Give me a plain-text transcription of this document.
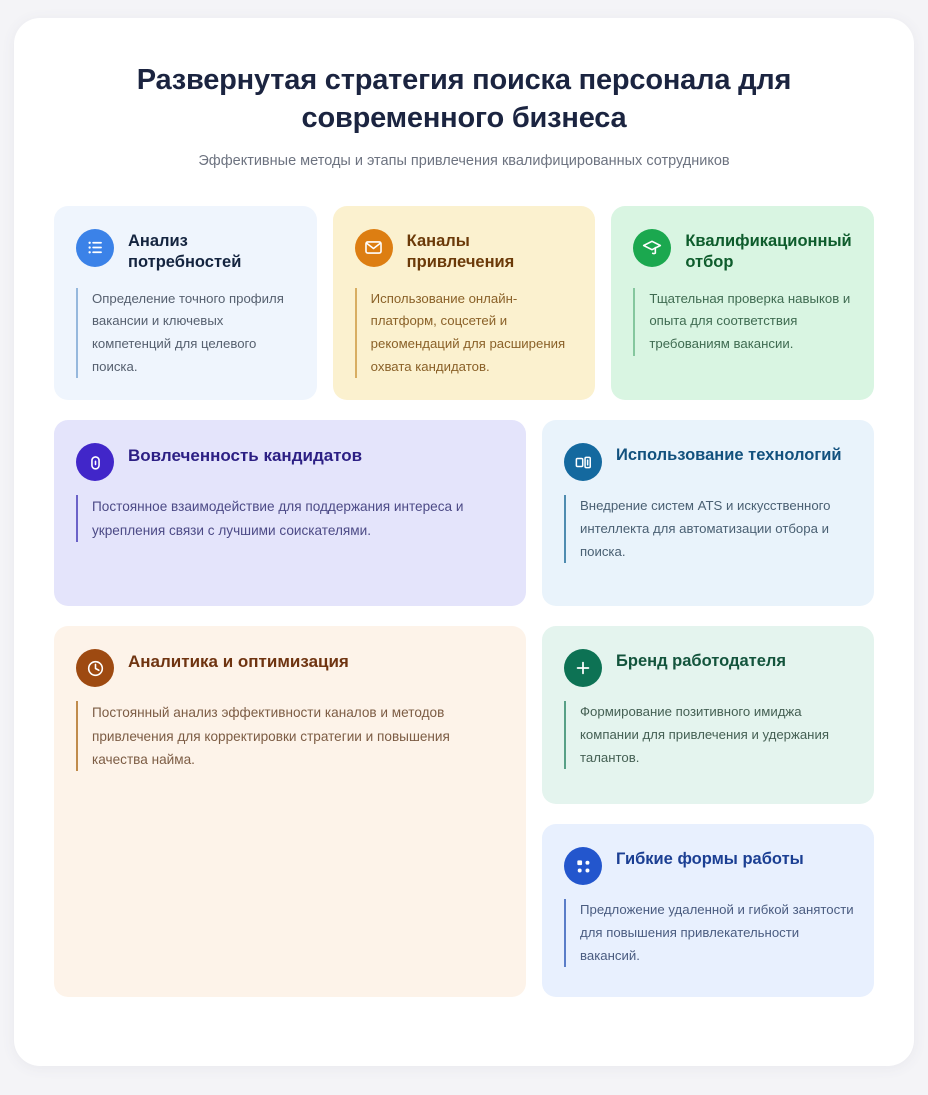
Развернутая стратегия поиска персонала для современного бизнеса

Эффективные методы и этапы привлечения квалифицированных сотрудников

Анализ потребностей
Определение точного профиля вакансии и ключевых компетенций для целевого поиска.
Каналы привлечения
Использование онлайн-платформ, соцсетей и рекомендаций для расширения охвата кандидатов.
Квалификационный отбор
Тщательная проверка навыков и опыта для соответствия требованиям вакансии.
Вовлеченность кандидатов
Постоянное взаимодействие для поддержания интереса и укрепления связи с лучшими соискателями.
Использование технологий
Внедрение систем ATS и искусственного интеллекта для автоматизации отбора и поиска.
Аналитика и оптимизация
Постоянный анализ эффективности каналов и методов привлечения для корректировки стратегии и повышения качества найма.
Бренд работодателя
Формирование позитивного имиджа компании для привлечения и удержания талантов.
Гибкие формы работы
Предложение удаленной и гибкой занятости для повышения привлекательности вакансий.
